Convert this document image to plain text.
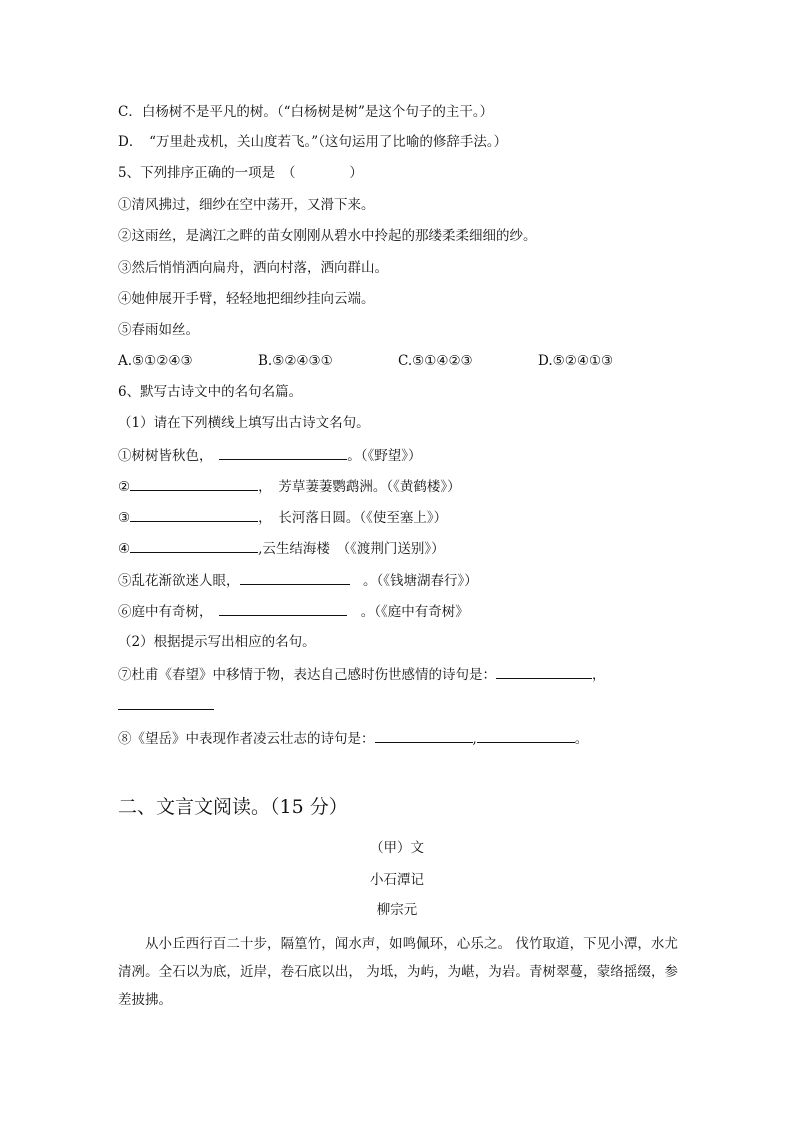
C．白杨树不是平凡的树。（“白杨树是树”是这个句子的主干。）
D．　“万里赴戎机，关山度若飞。”（这句运用了比喻的修辞手法。）
5、下列排序正确的一项是　（　　　　）
①清风拂过，细纱在空中荡开，又滑下来。
②这雨丝，是漓江之畔的苗女刚刚从碧水中拎起的那缕柔柔细细的纱。
③然后悄悄洒向扁舟，洒向村落，洒向群山。
④她伸展开手臂，轻轻地把细纱挂向云端。
⑤春雨如丝。
A.⑤①②④③	B.⑤②④③①	C.⑤①④②③	D.⑤②④①③
6、默写古诗文中的名句名篇。
（1）请在下列横线上填写出古诗文名句。
①树树皆秋色，　	。（《野望》）
②	，　芳草萋萋鹦鹉洲。（《黄鹤楼》）
③	，　长河落日圆。（《使至塞上》）
④	,云生结海楼　（《渡荆门送别》）
⑤乱花渐欲迷人眼，	　。（《钱塘湖春行》）
⑥庭中有奇树，　	　。（《庭中有奇树》
（2）根据提示写出相应的名句。
⑦杜甫《春望》中移情于物，表达自己感时伤世感情的诗句是：	，
⑧《望岳》中表现作者凌云壮志的诗句是：	,	。
二、文言文阅读。（15 分）
（甲）文
小石潭记
柳宗元
从小丘西行百二十步，隔篁竹，闻水声，如鸣佩环，心乐之。 伐竹取道，下见小潭，水尤清冽。全石以为底，近岸，卷石底以出， 为坻，为屿，为嵁，为岩。青树翠蔓，蒙络摇缀，参差披拂。
